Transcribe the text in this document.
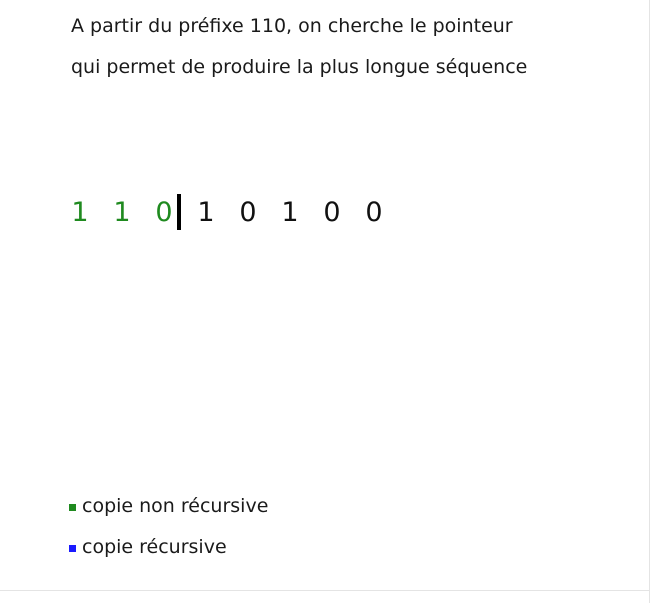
A partir du préfixe 110, on cherche le pointeur
qui permet de produire la plus longue séquence
1 1 0 1 0 1 0 0
copie non récursive
copie récursive
